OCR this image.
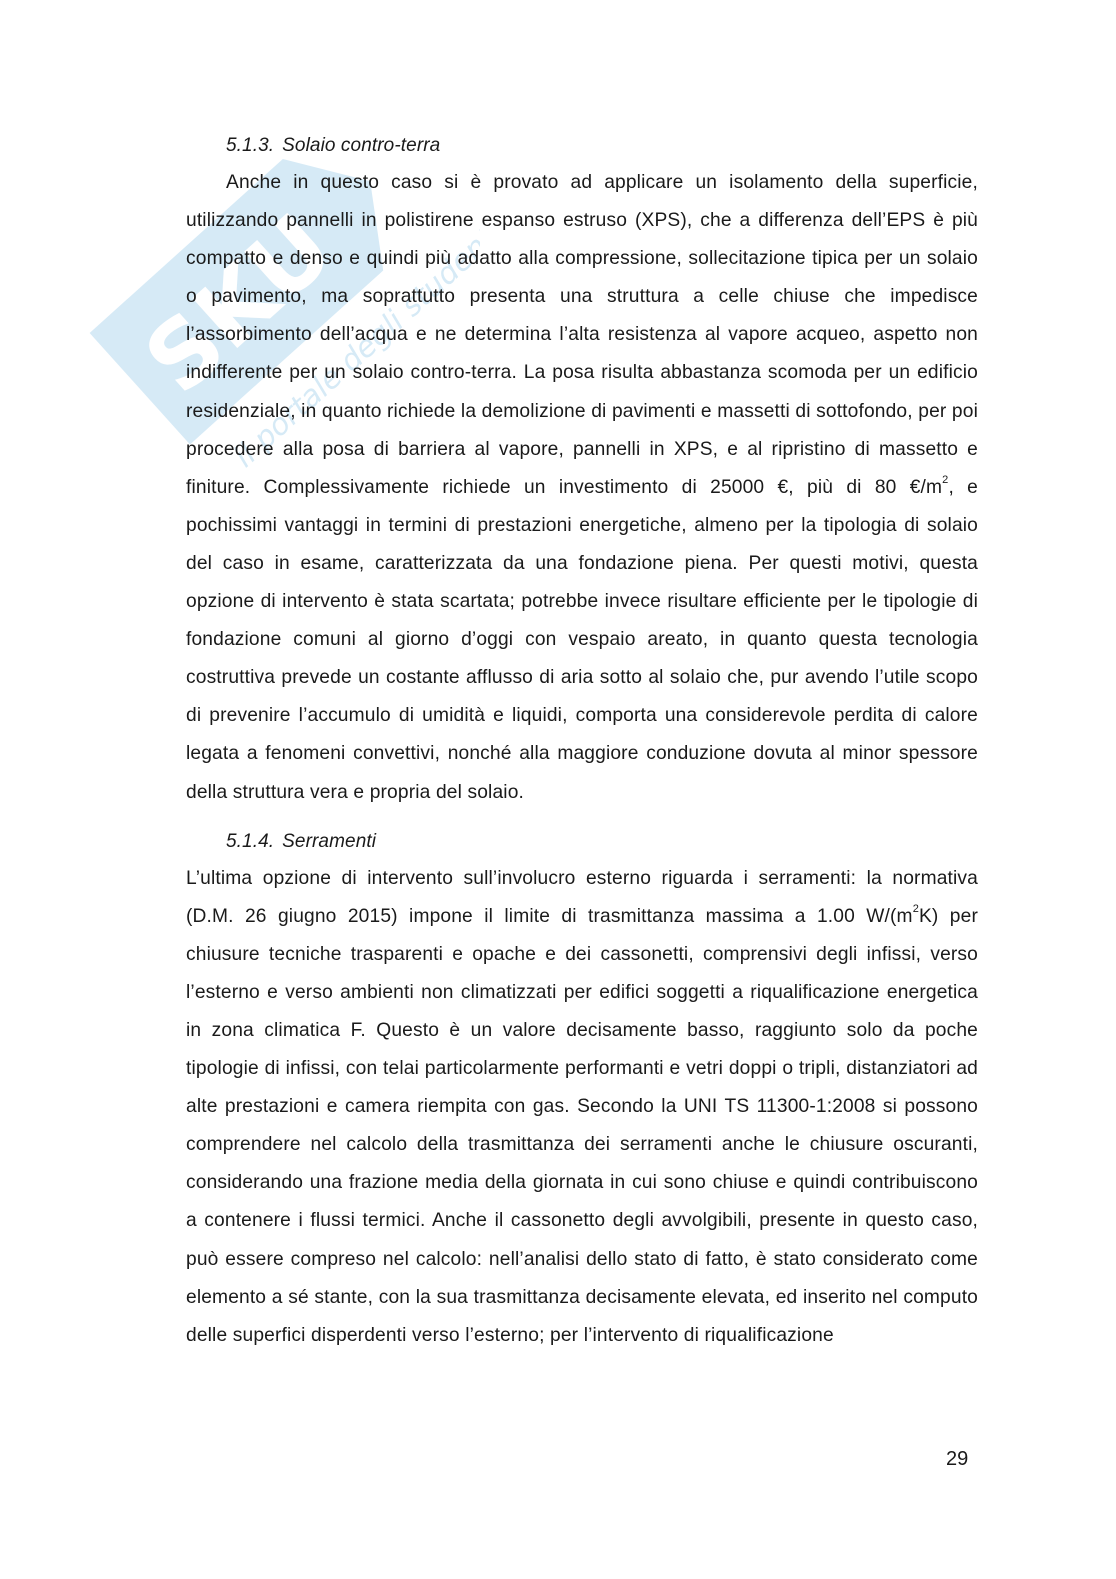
SKU
il portale degli studenti

5.1.3. Solaio contro-terra

Anche in questo caso si è provato ad applicare un isolamento della superficie, utilizzando pannelli in polistirene espanso estruso (XPS), che a differenza dell’EPS è più compatto e denso e quindi più adatto alla compressione, sollecitazione tipica per un solaio o pavimento, ma soprattutto presenta una struttura a celle chiuse che impedisce l’assorbimento dell’acqua e ne determina l’alta resistenza al vapore acqueo, aspetto non indifferente per un solaio contro-terra. La posa risulta abbastanza scomoda per un edificio residenziale, in quanto richiede la demolizione di pavimenti e massetti di sottofondo, per poi procedere alla posa di barriera al vapore, pannelli in XPS, e al ripristino di massetto e finiture. Complessivamente richiede un investimento di 25000 €, più di 80 $€/m^2$, e pochissimi vantaggi in termini di prestazioni energetiche, almeno per la tipologia di solaio del caso in esame, caratterizzata da una fondazione piena. Per questi motivi, questa opzione di intervento è stata scartata; potrebbe invece risultare efficiente per le tipologie di fondazione comuni al giorno d’oggi con vespaio areato, in quanto questa tecnologia costruttiva prevede un costante afflusso di aria sotto al solaio che, pur avendo l’utile scopo di prevenire l’accumulo di umidità e liquidi, comporta una considerevole perdita di calore legata a fenomeni convettivi, nonché alla maggiore conduzione dovuta al minor spessore della struttura vera e propria del solaio.

5.1.4. Serramenti

L’ultima opzione di intervento sull’involucro esterno riguarda i serramenti: la normativa (D.M. 26 giugno 2015) impone il limite di trasmittanza massima a 1.00 $W/(m^2K)$ per chiusure tecniche trasparenti e opache e dei cassonetti, comprensivi degli infissi, verso l’esterno e verso ambienti non climatizzati per edifici soggetti a riqualificazione energetica in zona climatica F. Questo è un valore decisamente basso, raggiunto solo da poche tipologie di infissi, con telai particolarmente performanti e vetri doppi o tripli, distanziatori ad alte prestazioni e camera riempita con gas. Secondo la UNI TS 11300-1:2008 si possono comprendere nel calcolo della trasmittanza dei serramenti anche le chiusure oscuranti, considerando una frazione media della giornata in cui sono chiuse e quindi contribuiscono a contenere i flussi termici. Anche il cassonetto degli avvolgibili, presente in questo caso, può essere compreso nel calcolo: nell’analisi dello stato di fatto, è stato considerato come elemento a sé stante, con la sua trasmittanza decisamente elevata, ed inserito nel computo delle superfici disperdenti verso l’esterno; per l’intervento di riqualificazione

29
